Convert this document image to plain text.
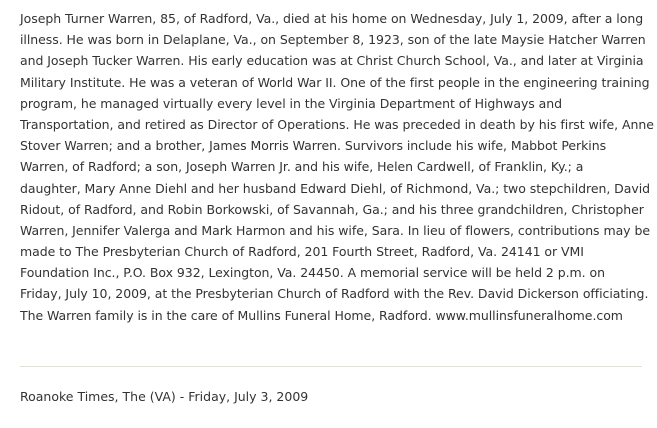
Joseph Turner Warren, 85, of Radford, Va., died at his home on Wednesday, July 1, 2009, after a long
illness. He was born in Delaplane, Va., on September 8, 1923, son of the late Maysie Hatcher Warren
and Joseph Tucker Warren. His early education was at Christ Church School, Va., and later at Virginia
Military Institute. He was a veteran of World War II. One of the first people in the engineering training
program, he managed virtually every level in the Virginia Department of Highways and
Transportation, and retired as Director of Operations. He was preceded in death by his first wife, Anne
Stover Warren; and a brother, James Morris Warren. Survivors include his wife, Mabbot Perkins
Warren, of Radford; a son, Joseph Warren Jr. and his wife, Helen Cardwell, of Franklin, Ky.; a
daughter, Mary Anne Diehl and her husband Edward Diehl, of Richmond, Va.; two stepchildren, David
Ridout, of Radford, and Robin Borkowski, of Savannah, Ga.; and his three grandchildren, Christopher
Warren, Jennifer Valerga and Mark Harmon and his wife, Sara. In lieu of flowers, contributions may be
made to The Presbyterian Church of Radford, 201 Fourth Street, Radford, Va. 24141 or VMI
Foundation Inc., P.O. Box 932, Lexington, Va. 24450. A memorial service will be held 2 p.m. on
Friday, July 10, 2009, at the Presbyterian Church of Radford with the Rev. David Dickerson officiating.
The Warren family is in the care of Mullins Funeral Home, Radford. www.mullinsfuneralhome.com
Roanoke Times, The (VA) - Friday, July 3, 2009
